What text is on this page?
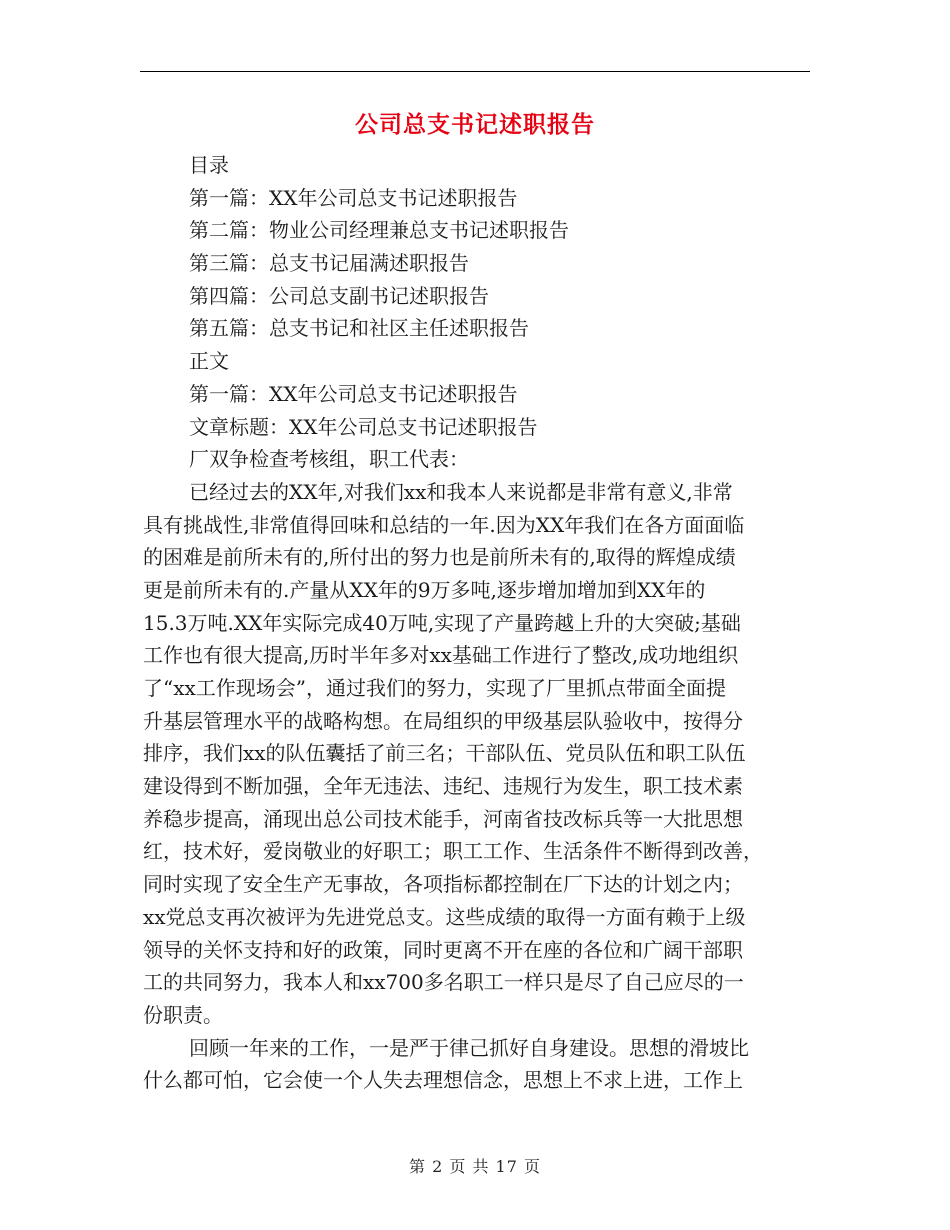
公司总支书记述职报告
目录
第一篇：XX年公司总支书记述职报告
第二篇：物业公司经理兼总支书记述职报告
第三篇：总支书记届满述职报告
第四篇：公司总支副书记述职报告
第五篇：总支书记和社区主任述职报告
正文
第一篇：XX年公司总支书记述职报告
文章标题：XX年公司总支书记述职报告
厂双争检查考核组，职工代表：
已经过去的XX年,对我们xx和我本人来说都是非常有意义,非常
具有挑战性,非常值得回味和总结的一年.因为XX年我们在各方面面临
的困难是前所未有的,所付出的努力也是前所未有的,取得的辉煌成绩
更是前所未有的.产量从XX年的9万多吨,逐步增加增加到XX年的
15.3万吨.XX年实际完成40万吨,实现了产量跨越上升的大突破;基础
工作也有很大提高,历时半年多对xx基础工作进行了整改,成功地组织
了“xx工作现场会”，通过我们的努力，实现了厂里抓点带面全面提
升基层管理水平的战略构想。在局组织的甲级基层队验收中，按得分
排序，我们xx的队伍囊括了前三名；干部队伍、党员队伍和职工队伍
建设得到不断加强，全年无违法、违纪、违规行为发生，职工技术素
养稳步提高，涌现出总公司技术能手，河南省技改标兵等一大批思想
红，技术好，爱岗敬业的好职工；职工工作、生活条件不断得到改善，
同时实现了安全生产无事故，各项指标都控制在厂下达的计划之内；
xx党总支再次被评为先进党总支。这些成绩的取得一方面有赖于上级
领导的关怀支持和好的政策，同时更离不开在座的各位和广阔干部职
工的共同努力，我本人和xx700多名职工一样只是尽了自己应尽的一
份职责。
回顾一年来的工作，一是严于律己抓好自身建设。思想的滑坡比
什么都可怕，它会使一个人失去理想信念，思想上不求上进，工作上
第 2 页 共 17 页
